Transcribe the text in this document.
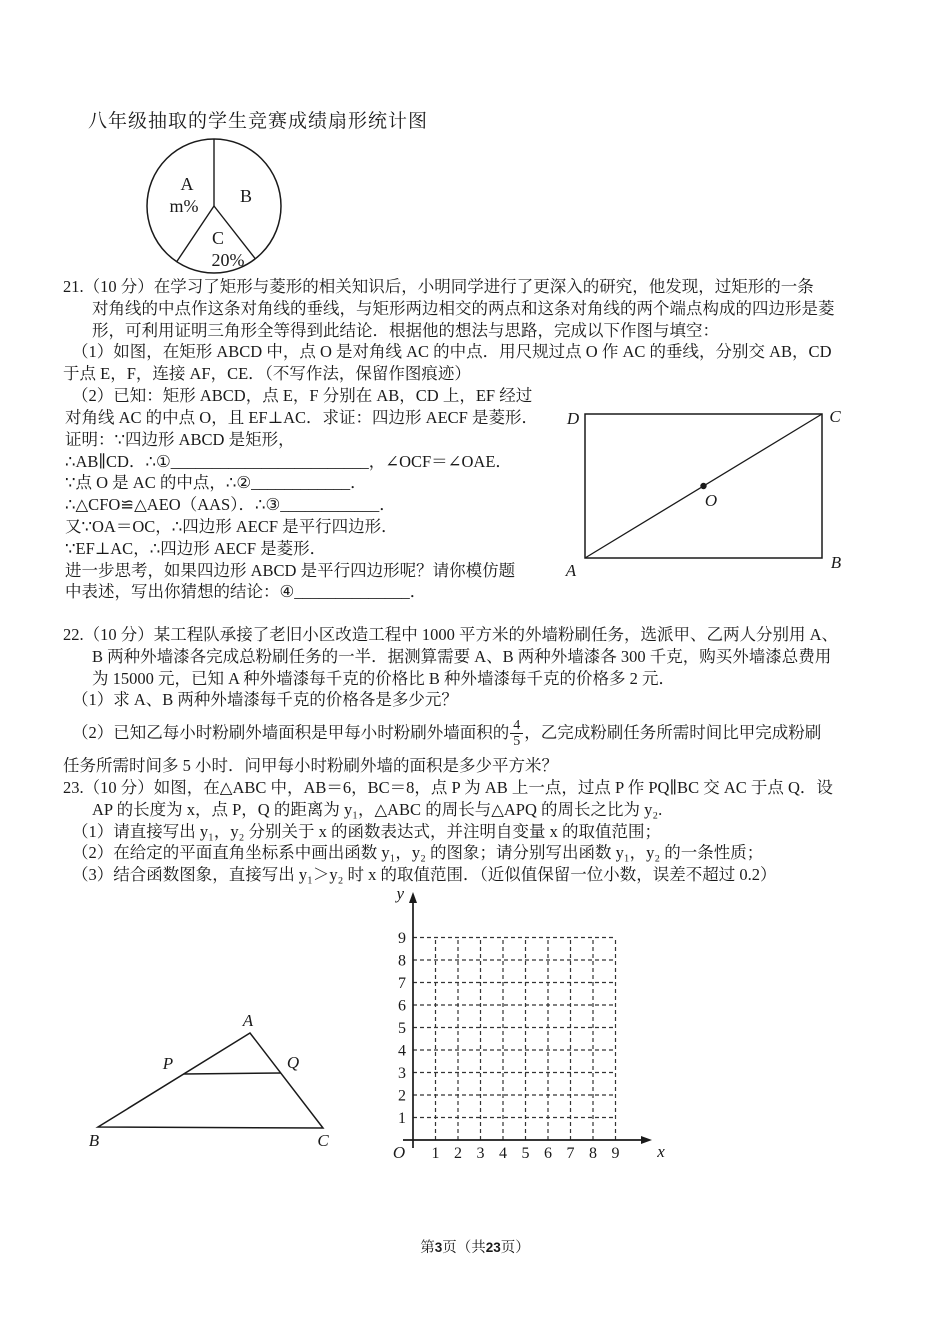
八年级抽取的学生竞赛成绩扇形统计图
A
m% B
C
20%
21.（10 分）在学习了矩形与菱形的相关知识后，小明同学进行了更深入的研究，他发现，过矩形的一条
对角线的中点作这条对角线的垂线，与矩形两边相交的两点和这条对角线的两个端点构成的四边形是菱
形，可利用证明三角形全等得到此结论．根据他的想法与思路，完成以下作图与填空：
（1）如图，在矩形 ABCD 中，点 O 是对角线 AC 的中点．用尺规过点 O 作 AC 的垂线，分别交 AB，CD
于点 E，F，连接 AF，CE．（不写作法，保留作图痕迹）
（2）已知：矩形 ABCD，点 E，F 分别在 AB，CD 上，EF 经过
对角线 AC 的中点 O，且 EF⊥AC．求证：四边形 AECF 是菱形．
证明：∵四边形 ABCD 是矩形，
∴AB∥CD．∴①________________________，∠OCF＝∠OAE．
∵点 O 是 AC 的中点，∴②____________．
∴△CFO≌△AEO（AAS）．∴③____________．
又∵OA＝OC，∴四边形 AECF 是平行四边形．
∵EF⊥AC，∴四边形 AECF 是菱形．
进一步思考，如果四边形 ABCD 是平行四边形呢？请你模仿题
中表述，写出你猜想的结论：④______________．
D	C
A	B
O
22.（10 分）某工程队承接了老旧小区改造工程中 1000 平方米的外墙粉刷任务，选派甲、乙两人分别用 A、
B 两种外墙漆各完成总粉刷任务的一半．据测算需要 A、B 两种外墙漆各 300 千克，购买外墙漆总费用
为 15000 元，已知 A 种外墙漆每千克的价格比 B 种外墙漆每千克的价格多 2 元．
（1）求 A、B 两种外墙漆每千克的价格各是多少元？
（2）已知乙每小时粉刷外墙面积是甲每小时粉刷外墙面积的 $\frac{4}{5}$ ，乙完成粉刷任务所需时间比甲完成粉刷
任务所需时间多 5 小时．问甲每小时粉刷外墙的面积是多少平方米？
23.（10 分）如图，在△ABC 中，AB＝6，BC＝8，点 P 为 AB 上一点，过点 P 作 PQ∥BC 交 AC 于点 Q．设
AP 的长度为 x，点 P，Q 的距离为 y₁，△ABC 的周长与△APQ 的周长之比为 y₂.
（1）请直接写出 y₁，y₂ 分别关于 x 的函数表达式，并注明自变量 x 的取值范围；
（2）在给定的平面直角坐标系中画出函数 y₁，y₂ 的图象；请分别写出函数 y₁，y₂ 的一条性质；
（3）结合函数图象，直接写出 y₁＞y₂ 时 x 的取值范围．（近似值保留一位小数，误差不超过 0.2）
O	x
y
1 2 3 4 5 6 7 8 9
1
2
3
4
5
6
7
8
9
A
B	C
P	Q
第3页（共23页）
